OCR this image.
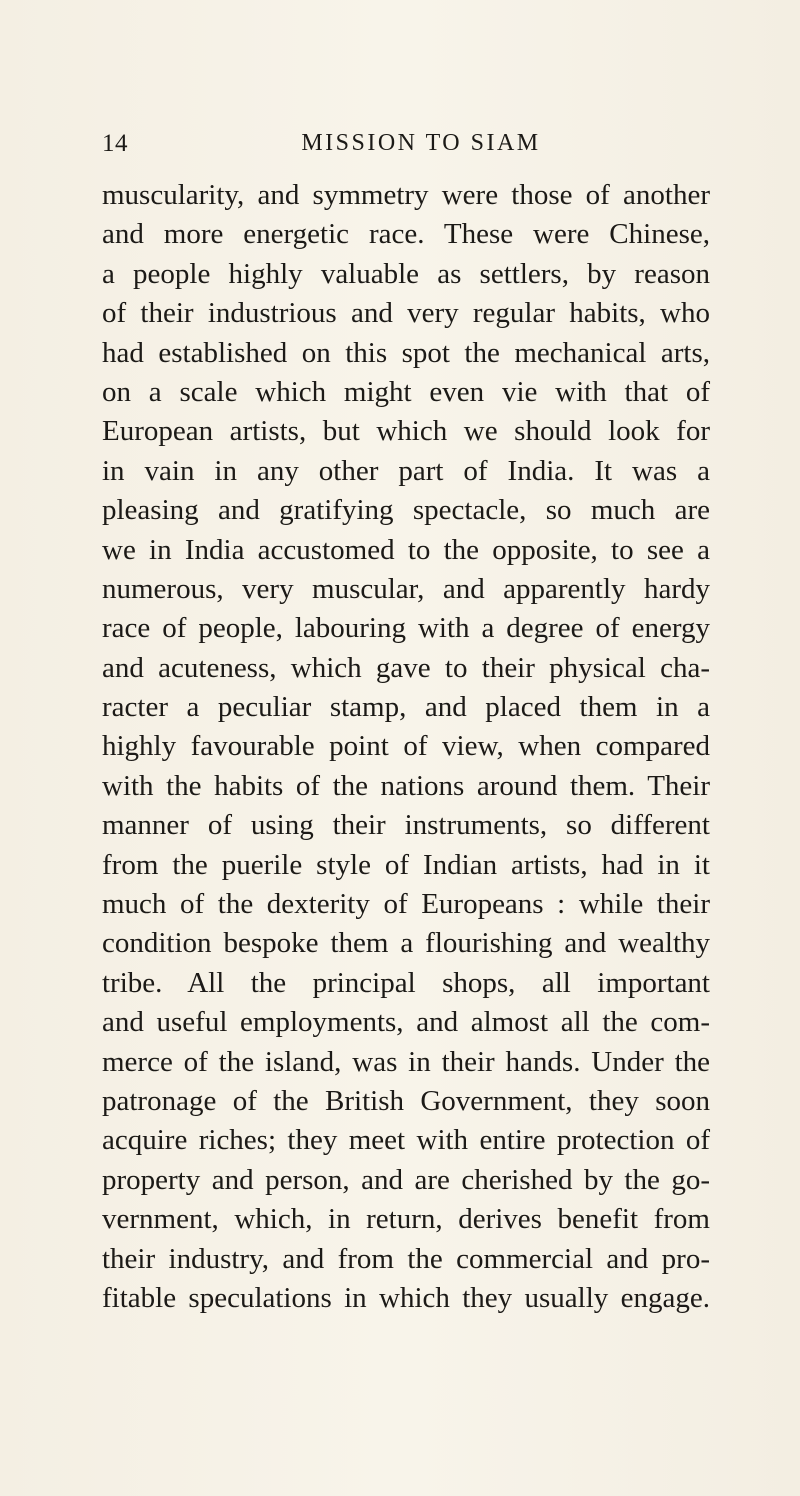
14	MISSION TO SIAM
muscularity, and symmetry were those of another
and more energetic race. These were Chinese,
a people highly valuable as settlers, by reason
of their industrious and very regular habits, who
had established on this spot the mechanical arts,
on a scale which might even vie with that of
European artists, but which we should look for
in vain in any other part of India. It was a
pleasing and gratifying spectacle, so much are
we in India accustomed to the opposite, to see a
numerous, very muscular, and apparently hardy
race of people, labouring with a degree of energy
and acuteness, which gave to their physical cha-
racter a peculiar stamp, and placed them in a
highly favourable point of view, when compared
with the habits of the nations around them. Their
manner of using their instruments, so different
from the puerile style of Indian artists, had in it
much of the dexterity of Europeans : while their
condition bespoke them a flourishing and wealthy
tribe. All the principal shops, all important
and useful employments, and almost all the com-
merce of the island, was in their hands. Under the
patronage of the British Government, they soon
acquire riches; they meet with entire protection of
property and person, and are cherished by the go-
vernment, which, in return, derives benefit from
their industry, and from the commercial and pro-
fitable speculations in which they usually engage.
